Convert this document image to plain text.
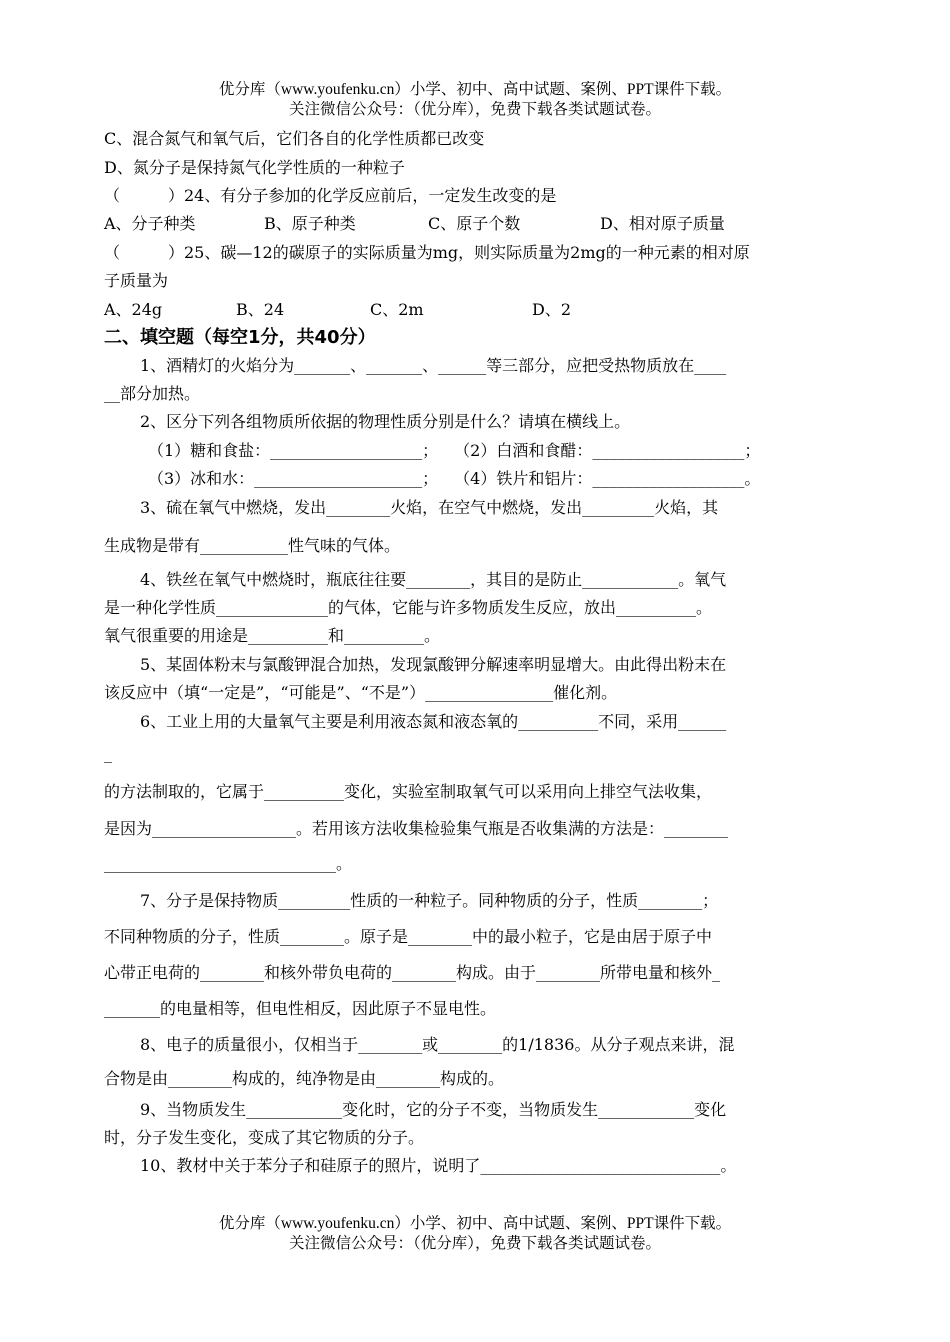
优分库（www.youfenku.cn）小学、初中、高中试题、案例、PPT课件下载。
关注微信公众号：（优分库），免费下载各类试题试卷。
C、混合氮气和氧气后，它们各自的化学性质都已改变
D、氮分子是保持氮气化学性质的一种粒子
（　　　）24、有分子参加的化学反应前后，一定发生改变的是
A、分子种类	B、原子种类	C、原子个数	D、相对原子质量
（　　　）25、碳—12的碳原子的实际质量为mg，则实际质量为2mg的一种元素的相对原
子质量为
A、24g	B、24	C、2m	D、2
二、填空题（每空1分，共40分）
1、酒精灯的火焰分为_______、_______、______等三部分，应把受热物质放在____
__部分加热。
2、区分下列各组物质所依据的物理性质分别是什么？请填在横线上。
（1）糖和食盐：___________________；　　（2）白酒和食醋：___________________；
（3）冰和水：_____________________；　　（4）铁片和铝片：___________________。
3、硫在氧气中燃烧，发出________火焰，在空气中燃烧，发出_________火焰，其
生成物是带有___________性气味的气体。
4、铁丝在氧气中燃烧时，瓶底往往要________，其目的是防止____________。氧气
是一种化学性质______________的气体，它能与许多物质发生反应，放出__________。
氧气很重要的用途是__________和__________。
5、某固体粉末与氯酸钾混合加热，发现氯酸钾分解速率明显增大。由此得出粉末在
该反应中（填“一定是”，“可能是”、“不是”）________________催化剂。
6、工业上用的大量氧气主要是利用液态氮和液态氧的__________不同，采用______
_
的方法制取的，它属于__________变化，实验室制取氧气可以采用向上排空气法收集，
是因为__________________。若用该方法收集检验集气瓶是否收集满的方法是：________
_____________________________。
7、分子是保持物质_________性质的一种粒子。同种物质的分子，性质________；
不同种物质的分子，性质________。原子是________中的最小粒子，它是由居于原子中
心带正电荷的________和核外带负电荷的________构成。由于________所带电量和核外_
_______的电量相等，但电性相反，因此原子不显电性。
8、电子的质量很小，仅相当于________或________的1/1836。从分子观点来讲，混
合物是由________构成的，纯净物是由________构成的。
9、当物质发生____________变化时，它的分子不变，当物质发生____________变化
时，分子发生变化，变成了其它物质的分子。
10、教材中关于苯分子和硅原子的照片，说明了______________________________。
优分库（www.youfenku.cn）小学、初中、高中试题、案例、PPT课件下载。
关注微信公众号：（优分库），免费下载各类试题试卷。
